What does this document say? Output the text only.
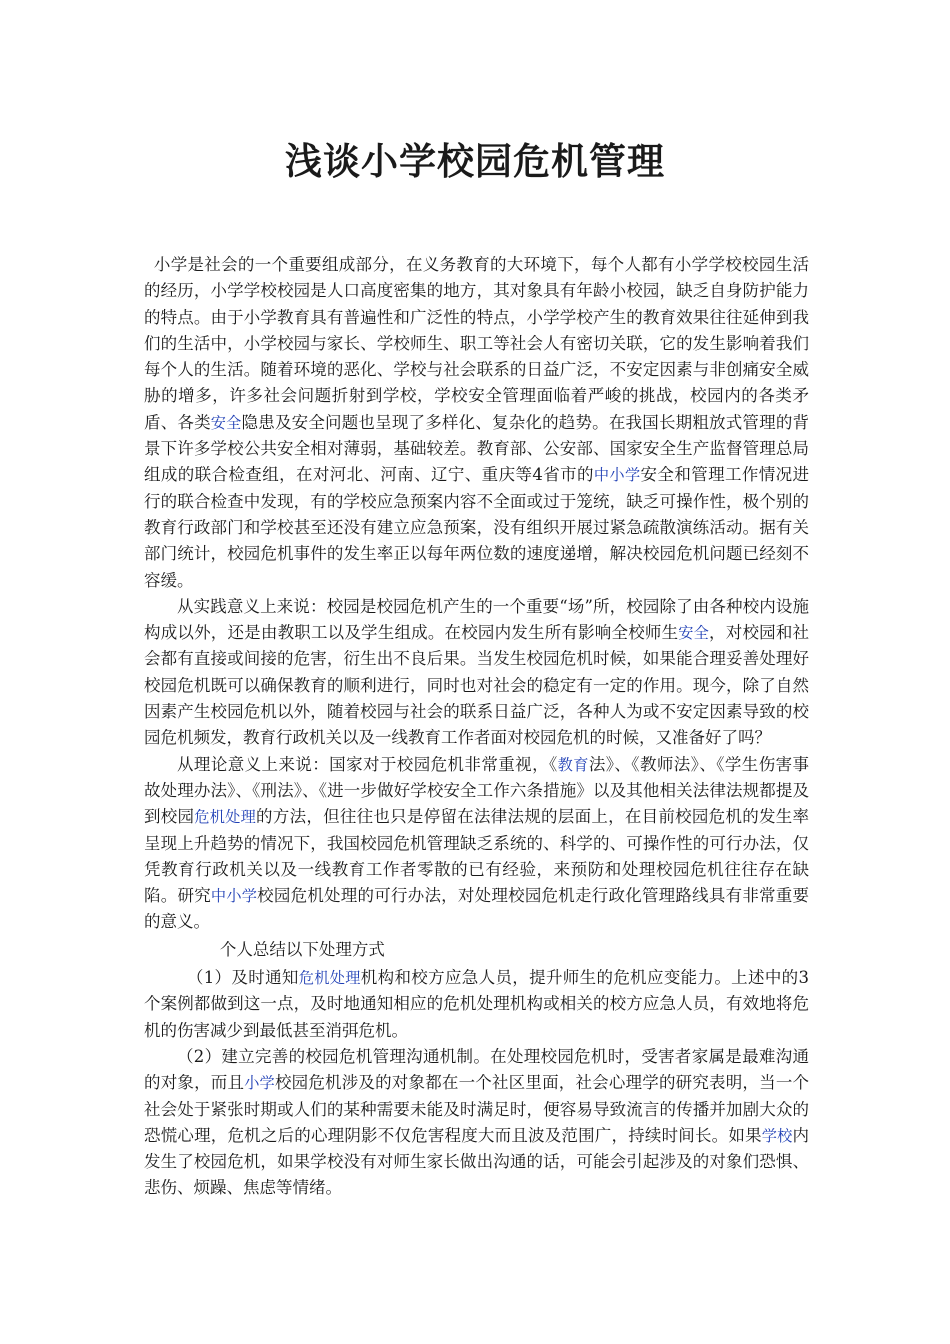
浅谈小学校园危机管理

小学是社会的一个重要组成部分，在义务教育的大环境下，每个人都有小学学校校园生活的经历，小学学校校园是人口高度密集的地方，其对象具有年龄小校园，缺乏自身防护能力的特点。由于小学教育具有普遍性和广泛性的特点，小学学校产生的教育效果往往延伸到我们的生活中，小学校园与家长、学校师生、职工等社会人有密切关联，它的发生影响着我们每个人的生活。随着环境的恶化、学校与社会联系的日益广泛，不安定因素与非创痛安全威胁的增多，许多社会问题折射到学校，学校安全管理面临着严峻的挑战，校园内的各类矛盾、各类安全隐患及安全问题也呈现了多样化、复杂化的趋势。在我国长期粗放式管理的背景下许多学校公共安全相对薄弱，基础较差。教育部、公安部、国家安全生产监督管理总局组成的联合检查组，在对河北、河南、辽宁、重庆等4省市的中小学安全和管理工作情况进行的联合检查中发现，有的学校应急预案内容不全面或过于笼统，缺乏可操作性，极个别的教育行政部门和学校甚至还没有建立应急预案，没有组织开展过紧急疏散演练活动。据有关部门统计，校园危机事件的发生率正以每年两位数的速度递增，解决校园危机问题已经刻不容缓。

从实践意义上来说：校园是校园危机产生的一个重要“场”所，校园除了由各种校内设施构成以外，还是由教职工以及学生组成。在校园内发生所有影响全校师生安全，对校园和社会都有直接或间接的危害，衍生出不良后果。当发生校园危机时候，如果能合理妥善处理好校园危机既可以确保教育的顺利进行，同时也对社会的稳定有一定的作用。现今，除了自然因素产生校园危机以外，随着校园与社会的联系日益广泛，各种人为或不安定因素导致的校园危机频发，教育行政机关以及一线教育工作者面对校园危机的时候，又准备好了吗？

从理论意义上来说：国家对于校园危机非常重视，《教育法》、《教师法》、《学生伤害事故处理办法》、《刑法》、《进一步做好学校安全工作六条措施》以及其他相关法律法规都提及到校园危机处理的方法，但往往也只是停留在法律法规的层面上，在目前校园危机的发生率呈现上升趋势的情况下，我国校园危机管理缺乏系统的、科学的、可操作性的可行办法，仅凭教育行政机关以及一线教育工作者零散的已有经验，来预防和处理校园危机往往存在缺陷。研究中小学校园危机处理的可行办法，对处理校园危机走行政化管理路线具有非常重要的意义。

个人总结以下处理方式

（1）及时通知危机处理机构和校方应急人员，提升师生的危机应变能力。上述中的3个案例都做到这一点，及时地通知相应的危机处理机构或相关的校方应急人员，有效地将危机的伤害减少到最低甚至消弭危机。

（2）建立完善的校园危机管理沟通机制。在处理校园危机时，受害者家属是最难沟通的对象，而且小学校园危机涉及的对象都在一个社区里面，社会心理学的研究表明，当一个社会处于紧张时期或人们的某种需要未能及时满足时，便容易导致流言的传播并加剧大众的恐慌心理，危机之后的心理阴影不仅危害程度大而且波及范围广，持续时间长。如果学校内发生了校园危机，如果学校没有对师生家长做出沟通的话，可能会引起涉及的对象们恐惧、悲伤、烦躁、焦虑等情绪。
